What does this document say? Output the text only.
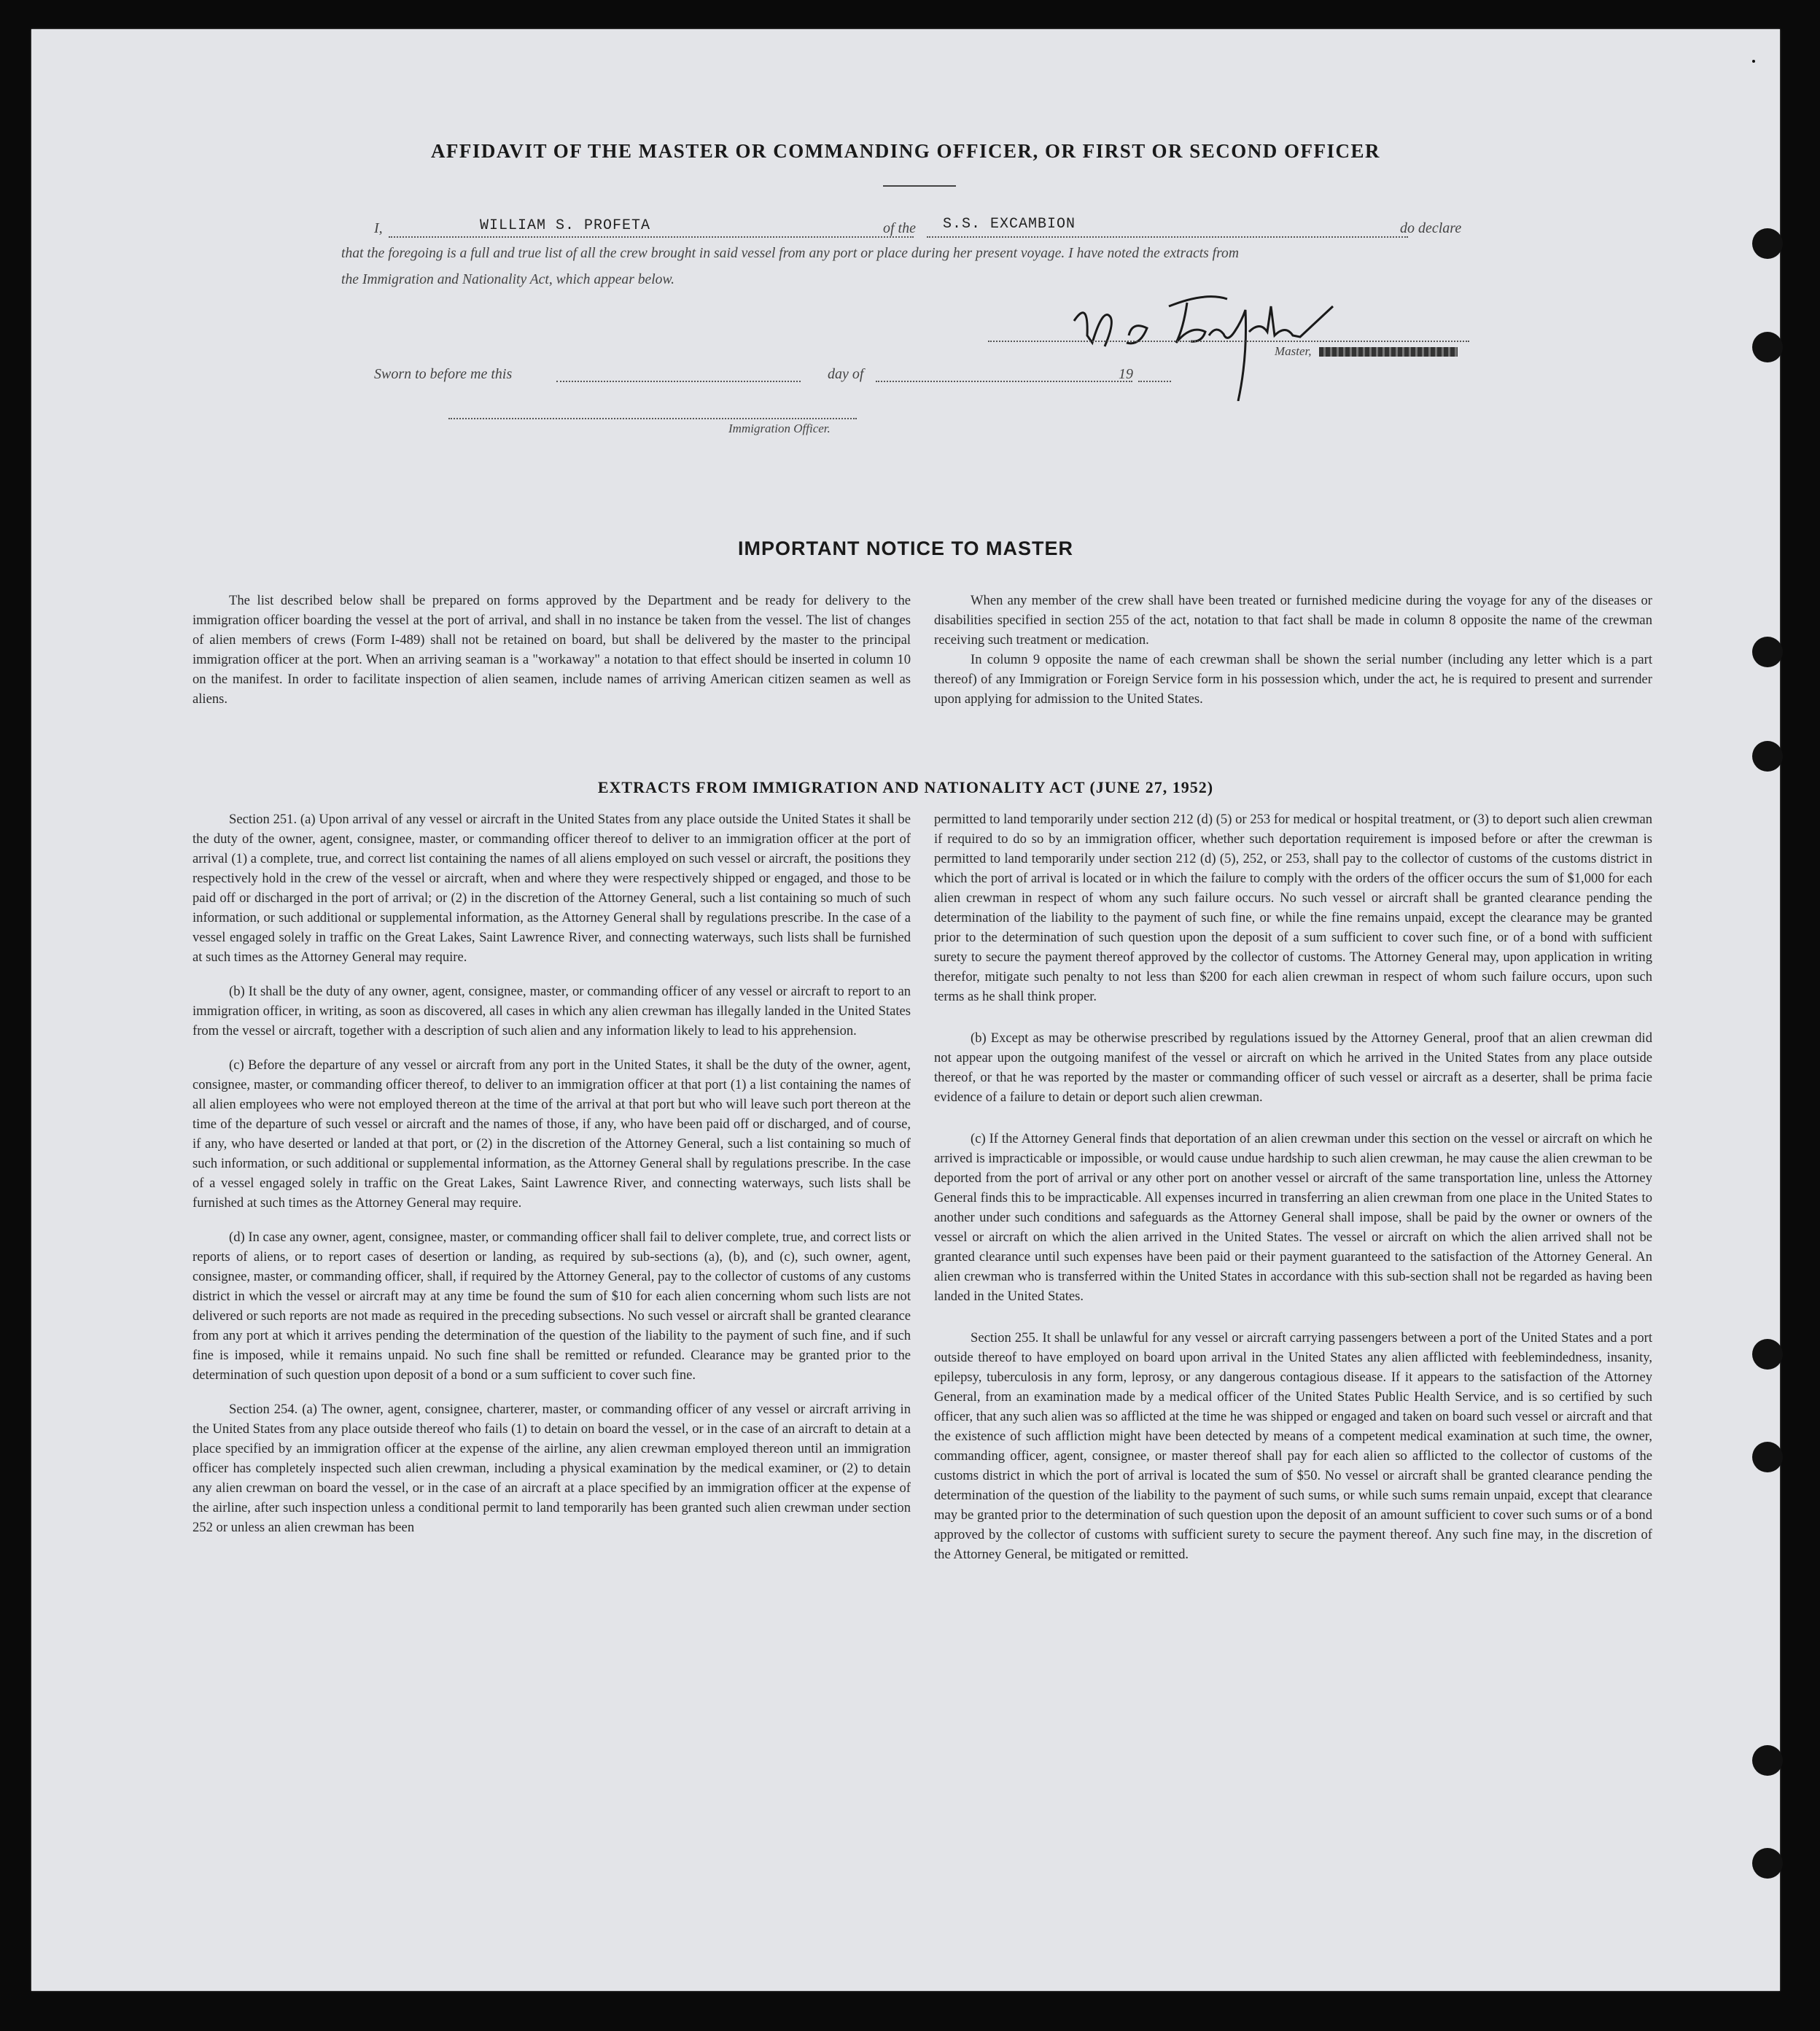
AFFIDAVIT OF THE MASTER OR COMMANDING OFFICER, OR FIRST OR SECOND OFFICER
I,	WILLIAM S. PROFETA	of the S.S. EXCAMBION	do declare
that the foregoing is a full and true list of all the crew brought in said vessel from any port or place during her present voyage. I have noted the extracts from
the Immigration and Nationality Act, which appear below.
Master,
Sworn to before me this	day of	19
Immigration Officer.
IMPORTANT NOTICE TO MASTER

The list described below shall be prepared on forms approved by the Department and be ready for delivery to the immigration officer boarding the vessel at the port of arrival, and shall in no instance be taken from the vessel. The list of changes of alien members of crews (Form I-489) shall not be retained on board, but shall be delivered by the master to the principal immigration officer at the port. When an arriving seaman is a "workaway" a notation to that effect should be inserted in column 10 on the manifest. In order to facilitate inspection of alien seamen, include names of arriving American citizen seamen as well as aliens.

When any member of the crew shall have been treated or furnished medicine during the voyage for any of the diseases or disabilities specified in section 255 of the act, notation to that fact shall be made in column 8 opposite the name of the crewman receiving such treatment or medication.

In column 9 opposite the name of each crewman shall be shown the serial number (including any letter which is a part thereof) of any Immigration or Foreign Service form in his possession which, under the act, he is required to present and surrender upon applying for admission to the United States.

EXTRACTS FROM IMMIGRATION AND NATIONALITY ACT (JUNE 27, 1952)

Section 251. (a) Upon arrival of any vessel or aircraft in the United States from any place outside the United States it shall be the duty of the owner, agent, consignee, master, or commanding officer thereof to deliver to an immigration officer at the port of arrival (1) a complete, true, and correct list containing the names of all aliens employed on such vessel or aircraft, the positions they respectively hold in the crew of the vessel or aircraft, when and where they were respectively shipped or engaged, and those to be paid off or discharged in the port of arrival; or (2) in the discretion of the Attorney General, such a list containing so much of such information, or such additional or supplemental information, as the Attorney General shall by regulations prescribe. In the case of a vessel engaged solely in traffic on the Great Lakes, Saint Lawrence River, and connecting waterways, such lists shall be furnished at such times as the Attorney General may require.

(b) It shall be the duty of any owner, agent, consignee, master, or commanding officer of any vessel or aircraft to report to an immigration officer, in writing, as soon as discovered, all cases in which any alien crewman has illegally landed in the United States from the vessel or aircraft, together with a description of such alien and any information likely to lead to his apprehension.

(c) Before the departure of any vessel or aircraft from any port in the United States, it shall be the duty of the owner, agent, consignee, master, or commanding officer thereof, to deliver to an immigration officer at that port (1) a list containing the names of all alien employees who were not employed thereon at the time of the arrival at that port but who will leave such port thereon at the time of the departure of such vessel or aircraft and the names of those, if any, who have been paid off or discharged, and of course, if any, who have deserted or landed at that port, or (2) in the discretion of the Attorney General, such a list containing so much of such information, or such additional or supplemental information, as the Attorney General shall by regulations prescribe. In the case of a vessel engaged solely in traffic on the Great Lakes, Saint Lawrence River, and connecting waterways, such lists shall be furnished at such times as the Attorney General may require.

(d) In case any owner, agent, consignee, master, or commanding officer shall fail to deliver complete, true, and correct lists or reports of aliens, or to report cases of desertion or landing, as required by sub-sections (a), (b), and (c), such owner, agent, consignee, master, or commanding officer, shall, if required by the Attorney General, pay to the collector of customs of any customs district in which the vessel or aircraft may at any time be found the sum of $10 for each alien concerning whom such lists are not delivered or such reports are not made as required in the preceding subsections. No such vessel or aircraft shall be granted clearance from any port at which it arrives pending the determination of the question of the liability to the payment of such fine, and if such fine is imposed, while it remains unpaid. No such fine shall be remitted or refunded. Clearance may be granted prior to the determination of such question upon deposit of a bond or a sum sufficient to cover such fine.

Section 254. (a) The owner, agent, consignee, charterer, master, or commanding officer of any vessel or aircraft arriving in the United States from any place outside thereof who fails (1) to detain on board the vessel, or in the case of an aircraft to detain at a place specified by an immigration officer at the expense of the airline, any alien crewman employed thereon until an immigration officer has completely inspected such alien crewman, including a physical examination by the medical examiner, or (2) to detain any alien crewman on board the vessel, or in the case of an aircraft at a place specified by an immigration officer at the expense of the airline, after such inspection unless a conditional permit to land temporarily has been granted such alien crewman under section 252 or unless an alien crewman has been

permitted to land temporarily under section 212 (d) (5) or 253 for medical or hospital treatment, or (3) to deport such alien crewman if required to do so by an immigration officer, whether such deportation requirement is imposed before or after the crewman is permitted to land temporarily under section 212 (d) (5), 252, or 253, shall pay to the collector of customs of the customs district in which the port of arrival is located or in which the failure to comply with the orders of the officer occurs the sum of $1,000 for each alien crewman in respect of whom any such failure occurs. No such vessel or aircraft shall be granted clearance pending the determination of the liability to the payment of such fine, or while the fine remains unpaid, except the clearance may be granted prior to the determination of such question upon the deposit of a sum sufficient to cover such fine, or of a bond with sufficient surety to secure the payment thereof approved by the collector of customs. The Attorney General may, upon application in writing therefor, mitigate such penalty to not less than $200 for each alien crewman in respect of whom such failure occurs, upon such terms as he shall think proper.

(b) Except as may be otherwise prescribed by regulations issued by the Attorney General, proof that an alien crewman did not appear upon the outgoing manifest of the vessel or aircraft on which he arrived in the United States from any place outside thereof, or that he was reported by the master or commanding officer of such vessel or aircraft as a deserter, shall be prima facie evidence of a failure to detain or deport such alien crewman.

(c) If the Attorney General finds that deportation of an alien crewman under this section on the vessel or aircraft on which he arrived is impracticable or impossible, or would cause undue hardship to such alien crewman, he may cause the alien crewman to be deported from the port of arrival or any other port on another vessel or aircraft of the same transportation line, unless the Attorney General finds this to be impracticable. All expenses incurred in transferring an alien crewman from one place in the United States to another under such conditions and safeguards as the Attorney General shall impose, shall be paid by the owner or owners of the vessel or aircraft on which the alien arrived in the United States. The vessel or aircraft on which the alien arrived shall not be granted clearance until such expenses have been paid or their payment guaranteed to the satisfaction of the Attorney General. An alien crewman who is transferred within the United States in accordance with this sub-section shall not be regarded as having been landed in the United States.

Section 255. It shall be unlawful for any vessel or aircraft carrying passengers between a port of the United States and a port outside thereof to have employed on board upon arrival in the United States any alien afflicted with feeblemindedness, insanity, epilepsy, tuberculosis in any form, leprosy, or any dangerous contagious disease. If it appears to the satisfaction of the Attorney General, from an examination made by a medical officer of the United States Public Health Service, and is so certified by such officer, that any such alien was so afflicted at the time he was shipped or engaged and taken on board such vessel or aircraft and that the existence of such affliction might have been detected by means of a competent medical examination at such time, the owner, commanding officer, agent, consignee, or master thereof shall pay for each alien so afflicted to the collector of customs of the customs district in which the port of arrival is located the sum of $50. No vessel or aircraft shall be granted clearance pending the determination of the question of the liability to the payment of such sums, or while such sums remain unpaid, except that clearance may be granted prior to the determination of such question upon the deposit of an amount sufficient to cover such sums or of a bond approved by the collector of customs with sufficient surety to secure the payment thereof. Any such fine may, in the discretion of the Attorney General, be mitigated or remitted.
